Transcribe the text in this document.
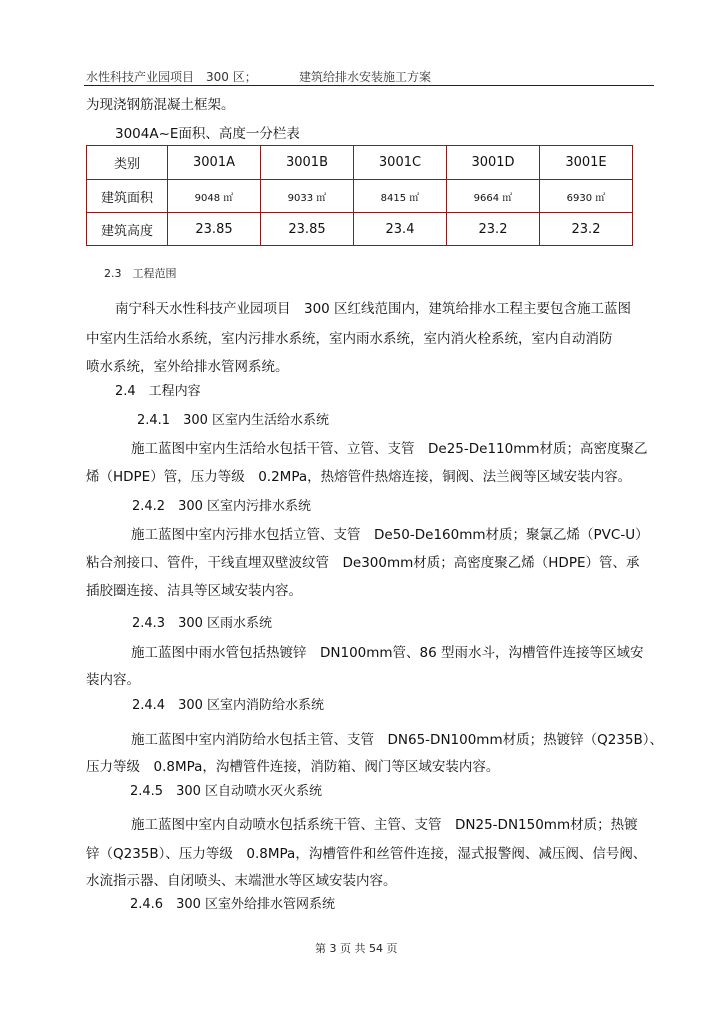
水性科技产业园项目　300 区；	建筑给排水安装施工方案
为现浇钢筋混凝土框架。
3004A~E面积、高度一分栏表
类别	3001A	3001B	3001C	3001D	3001E
建筑面积	9048 ㎡	9033 ㎡	8415 ㎡	9664 ㎡	6930 ㎡
建筑高度	23.85	23.85	23.4	23.2	23.2
2.3　工程范围
南宁科天水性科技产业园项目　300 区红线范围内，建筑给排水工程主要包含施工蓝图
中室内生活给水系统，室内污排水系统，室内雨水系统，室内消火栓系统，室内自动消防
喷水系统，室外给排水管网系统。
2.4　工程内容
2.4.1　300 区室内生活给水系统
施工蓝图中室内生活给水包括干管、立管、支管　De25-De110mm材质；高密度聚乙
烯（HDPE）管，压力等级　0.2MPa，热熔管件热熔连接，铜阀、法兰阀等区域安装内容。
2.4.2　300 区室内污排水系统
施工蓝图中室内污排水包括立管、支管　De50-De160mm材质；聚氯乙烯（PVC-U）
粘合剂接口、管件，干线直埋双壁波纹管　De300mm材质；高密度聚乙烯（HDPE）管、承
插胶圈连接、洁具等区域安装内容。
2.4.3　300 区雨水系统
施工蓝图中雨水管包括热镀锌　DN100mm管、86 型雨水斗，沟槽管件连接等区域安
装内容。
2.4.4　300 区室内消防给水系统
施工蓝图中室内消防给水包括主管、支管　DN65-DN100mm材质；热镀锌（Q235B）、
压力等级　0.8MPa，沟槽管件连接，消防箱、阀门等区域安装内容。
2.4.5　300 区自动喷水灭火系统
施工蓝图中室内自动喷水包括系统干管、主管、支管　DN25-DN150mm材质；热镀
锌（Q235B）、压力等级　0.8MPa，沟槽管件和丝管件连接，湿式报警阀、减压阀、信号阀、
水流指示器、自闭喷头、末端泄水等区域安装内容。
2.4.6　300 区室外给排水管网系统
第 3 页 共 54 页
